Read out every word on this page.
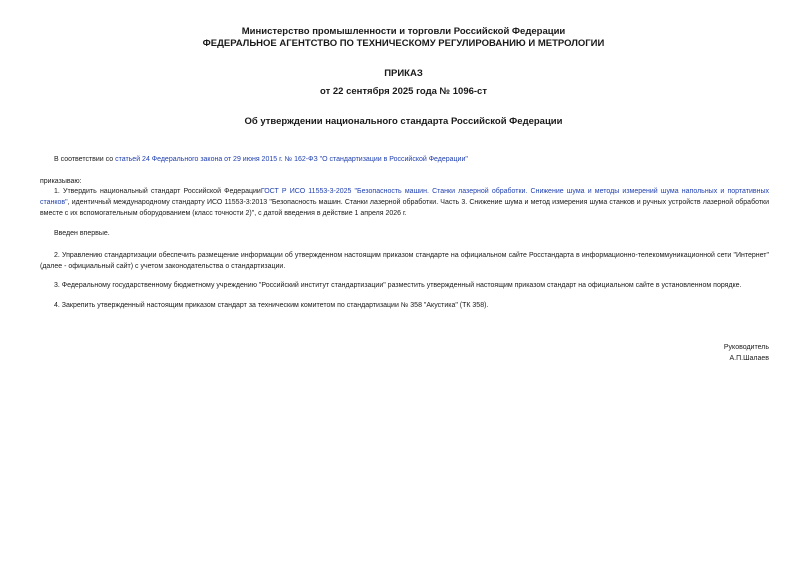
Министерство промышленности и торговли Российской Федерации
ФЕДЕРАЛЬНОЕ АГЕНТСТВО ПО ТЕХНИЧЕСКОМУ РЕГУЛИРОВАНИЮ И МЕТРОЛОГИИ
ПРИКАЗ
от 22 сентября 2025 года № 1096-ст
Об утверждении национального стандарта Российской Федерации
В соответствии со статьей 24 Федерального закона от 29 июня 2015 г. № 162-ФЗ "О стандартизации в Российской Федерации"
приказываю:
1. Утвердить национальный стандарт Российской ФедерацииГОСТ Р ИСО 11553-3-2025 "Безопасность машин. Станки лазерной обработки. Снижение шума и методы измерений шума напольных и портативных станков", идентичный международному стандарту ИСО 11553-3:2013 "Безопасность машин. Станки лазерной обработки. Часть 3. Снижение шума и метод измерения шума станков и ручных устройств лазерной обработки вместе с их вспомогательным оборудованием (класс точности 2)", с датой введения в действие 1 апреля 2026 г.
Введен впервые.
2. Управлению стандартизации обеспечить размещение информации об утвержденном настоящим приказом стандарте на официальном сайте Росстандарта в информационно-телекоммуникационной сети "Интернет" (далее - официальный сайт) с учетом законодательства о стандартизации.
3. Федеральному государственному бюджетному учреждению "Российский институт стандартизации" разместить утвержденный настоящим приказом стандарт на официальном сайте в установленном порядке.
4. Закрепить утвержденный настоящим приказом стандарт за техническим комитетом по стандартизации № 358 "Акустика" (ТК 358).
Руководитель
А.П.Шалаев
